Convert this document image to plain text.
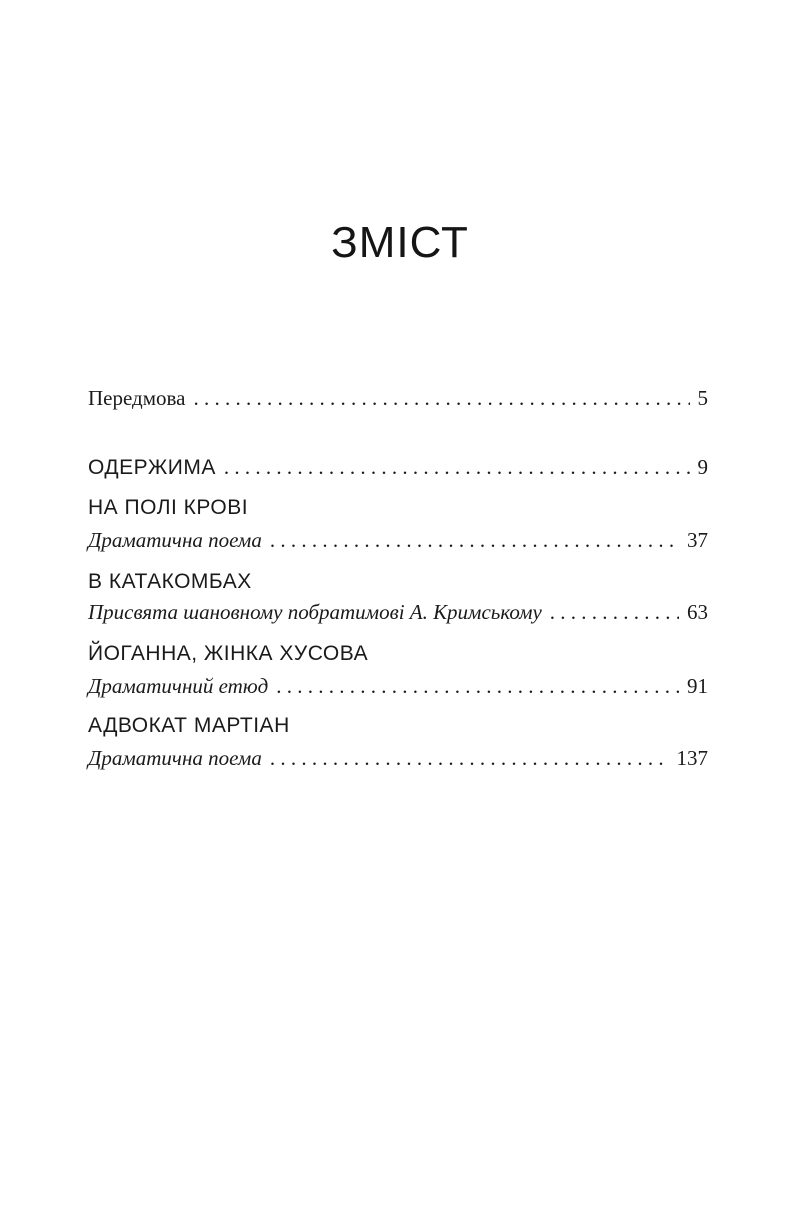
ЗМІСТ
Передмова . . .	5
ОДЕРЖИМА . . .	9
НА ПОЛІ КРОВІ
Драматична поема . . .	37
В КАТАКОМБАХ
Присвята шановному побратимові А. Кримському . . .	63
ЙОГАННА, ЖІНКА ХУСОВА
Драматичний етюд . . .	91
АДВОКАТ МАРТІАН
Драматична поема . . .	137
